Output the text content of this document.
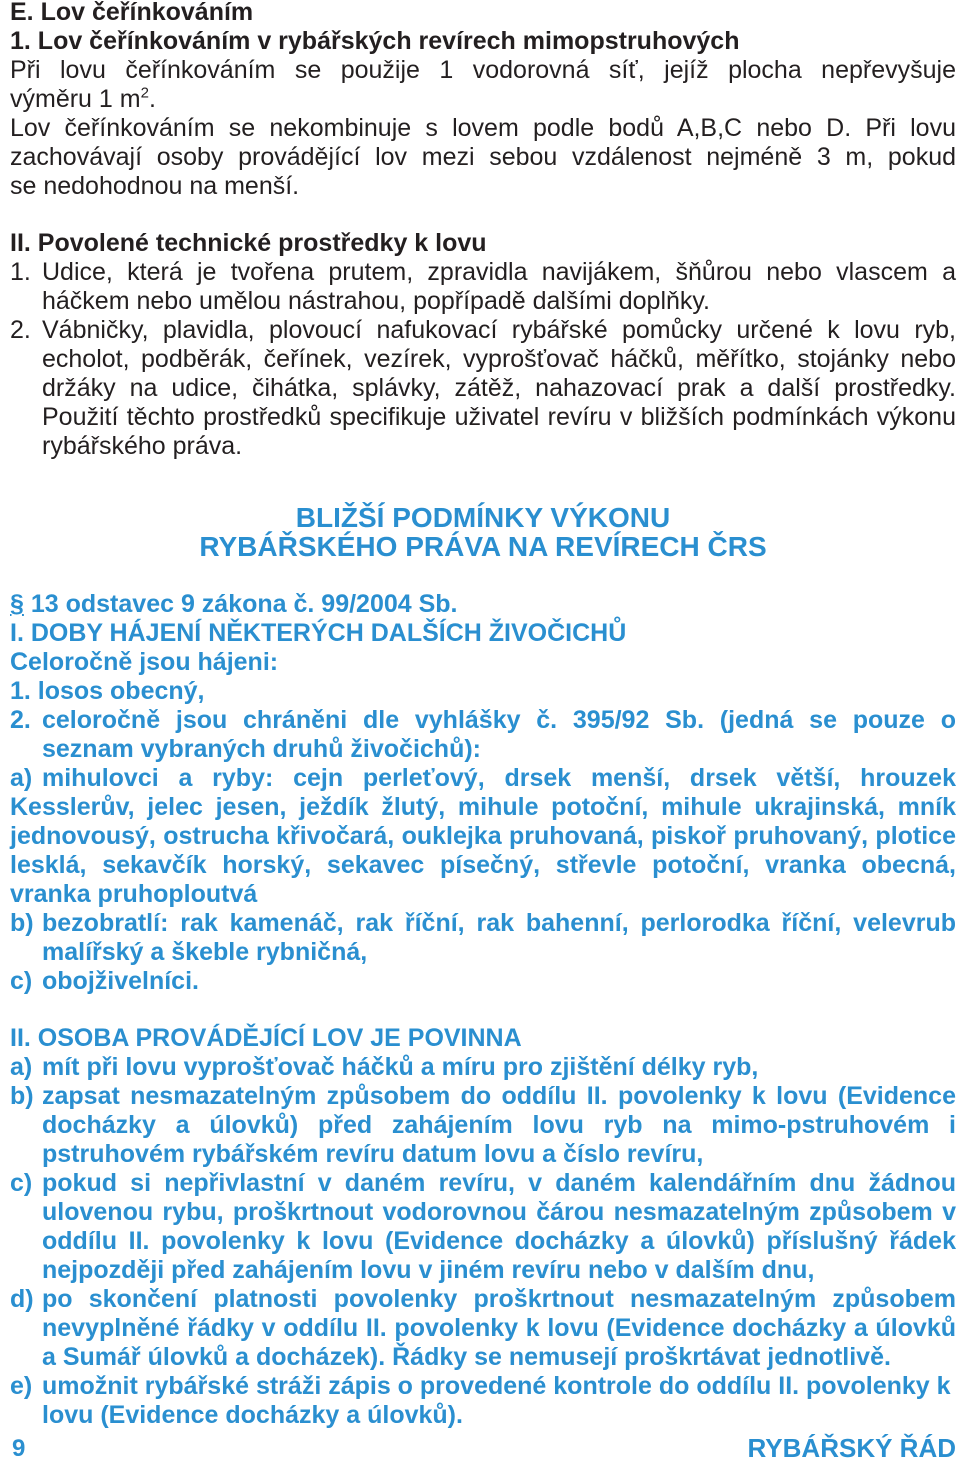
E. Lov čeřínkováním
1. Lov čeřínkováním v rybářských revírech mimopstruhových
Při lovu čeřínkováním se použije 1 vodorovná síť, jejíž plocha nepřevyšuje
výměru 1 $m^2$.
Lov čeřínkováním se nekombinuje s lovem podle bodů A,B,C nebo D. Při lovu
zachovávají osoby provádějící lov mezi sebou vzdálenost nejméně 3 m, pokud
se nedohodnou na menší.
II. Povolené technické prostředky k lovu
1. Udice, která je tvořena prutem, zpravidla navijákem, šňůrou nebo vlascem a háčkem nebo umělou nástrahou, popřípadě dalšími doplňky.
2. Vábničky, plavidla, plovoucí nafukovací rybářské pomůcky určené k lovu ryb, echolot, podběrák, čeřínek, vezírek, vyprošťovač háčků, měřítko, stojánky nebo držáky na udice, čihátka, splávky, zátěž, nahazovací prak a další prostředky. Použití těchto prostředků specifikuje uživatel revíru v bližších podmínkách výkonu rybářského práva.
BLIŽŠÍ PODMÍNKY VÝKONU
RYBÁŘSKÉHO PRÁVA NA REVÍRECH ČRS
§ 13 odstavec 9 zákona č. 99/2004 Sb.
I. DOBY HÁJENÍ NĚKTERÝCH DALŠÍCH ŽIVOČICHŮ
Celoročně jsou hájeni:
1. losos obecný,
2. celoročně jsou chráněni dle vyhlášky č. 395/92 Sb. (jedná se pouze o seznam vybraných druhů živočichů):
a) mihulovci a ryby: cejn perleťový, drsek menší, drsek větší, hrouzek Kesslerův, jelec jesen, ježdík žlutý, mihule potoční, mihule ukrajinská, mník jednovousý, ostrucha křivočará, ouklejka pruhovaná, piskoř pruhovaný, plotice lesklá, sekavčík horský, sekavec písečný, střevle potoční, vranka obecná, vranka pruhoploutvá
b) bezobratlí: rak kamenáč, rak říční, rak bahenní, perlorodka říční, velevrub malířský a škeble rybničná,
c) obojživelníci.
II. OSOBA PROVÁDĚJÍCÍ LOV JE POVINNA
a) mít při lovu vyprošťovač háčků a míru pro zjištění délky ryb,
b) zapsat nesmazatelným způsobem do oddílu II. povolenky k lovu (Evidence docházky a úlovků) před zahájením lovu ryb na mimo-pstruhovém i pstruhovém rybářském revíru datum lovu a číslo revíru,
c) pokud si nepřivlastní v daném revíru, v daném kalendářním dnu žádnou ulovenou rybu, proškrtnout vodorovnou čárou nesmazatelným způsobem v oddílu II. povolenky k lovu (Evidence docházky a úlovků) příslušný řádek nejpozději před zahájením lovu v jiném revíru nebo v dalším dnu,
d) po skončení platnosti povolenky proškrtnout nesmazatelným způsobem nevyplněné řádky v oddílu II. povolenky k lovu (Evidence docházky a úlovků a Sumář úlovků a docházek). Řádky se nemusejí proškrtávat jednotlivě.
e) umožnit rybářské stráži zápis o provedené kontrole do oddílu II. povolenky k lovu (Evidence docházky a úlovků).
9	RYBÁŘSKÝ ŘÁD
